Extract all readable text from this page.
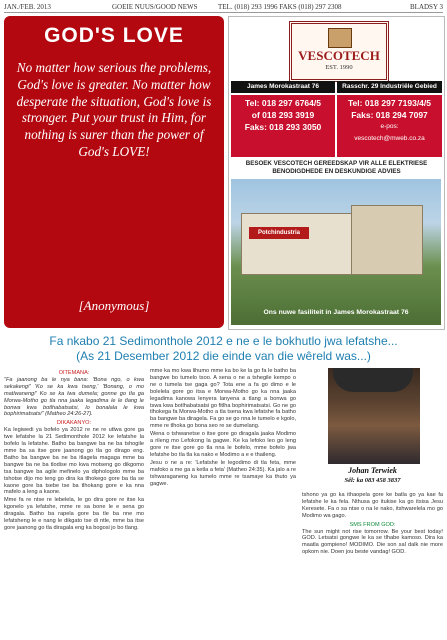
JAN./FEB. 2013	GOEIE NUUS/GOOD NEWS	TEL. (018) 293 1996 FAKS (018) 297 2308	BLADSY 3
GOD'S LOVE
No matter how serious the problems, God's love is greater. No matter how desperate the situation, God's love is stronger. Put your trust in Him, for nothing is surer than the power of God's LOVE!
[Anonymous]
VESCOTECH
EST. 1990
James Morokastraat 76	Rasschr. 29 Industriële Gebied
Tel: 018 297 6764/5
of 018 293 3919
Faks: 018 293 3050
Tel: 018 297 7193/4/5
Faks: 018 294 7097
e-pos:
vescotech@mweb.co.za
BESOEK VESCOTECH GEREEDSKAP VIR ALLE ELEKTRIESE
BENODIGDHEDE EN DESKUNDIGE ADVIES
Potchindustria
Ons nuwe fasiliteit in James Morokastraat 76
Fa nkabo 21 Sedimonthole 2012 e ne e le bokhutlo jwa lefatshe...
(As 21 Desember 2012 die einde van die wêreld was...)

OITEMANA:

"Fa jaanong ba le nya bana: 'Bona ngo, o kwa sekakeng!' 'Ko se ka kwa tseng,' 'Bonang, o mo matlwaneng!' Ko se ka lwa dumela; gonne go tla ga Morwa-Motho go tla nna jaaka legadima le le tlang le bonwa kwa botlhabatsatsi, lo bonalala le kwa bophirimatsatsi" (Matheo 24:26-27).

DIKAKANYO:

Ka legiwedi ya bofelo ya 2012 re ne re utlwa gore ga twe lefatshe la 21 Sedimonthole 2012 ke lefatshe la bofelo la lefatshe. Batho ba bangwe ba ne ba tshogile mme ba sa itse gore jaanong go tla go dirago eng. Batho ba bangwe ba ne ba itlagela magaga mme ba bangwe ba ne ba tlodise mo kwa motseng go dikgomo tsa bangwe ba agile mefinelo ya diphologolo mme ba tshotse dijo mo teng go dira ka tlhokego gore ba tla se kaone gore ba tsebe tse ba tlhokang gore e ka nna mafelo a leng a kaone.

Mme fa re ntse re lebelela, le go dira gore re itse ka kgonelo ya lefatshe, mme re sa bone le e sena go diragala. Batho ba rapela gore ba tle ba nne mo lefatsheng le e nang le dikgato tse di ntle, mme ba itse gore jaanong go tla diragala eng ka bogosi jo bo tlang.

mme ka mo kwa lihumo mme ka bo ke la go fa le batho ba bangwe bo tumelo tsoo. A sena o ne a tshegile kempo o ne o tumela tse gaga go? Tota ene a fa go dimo e le bolelela gore go itsa e Morwa-Motho go ka nna jaaka legadima kanowa lenyera lanyena a tlang a bonwa go tswa kwa botlhabatsatsi go fitlha bophirimatsatsi. Go ne go tlhokega fa Morwa-Motho a tla tsena kwa lefatshe fa batho ba bangwe ba diragela. Fa go se go nna le tumelo e kgolo, mme re tlhoka go bona seo re se dumelang.

Wena o tshwanetse o itse gore go diragala jaaka Modimo a rileng mo Lefokong la gagwe. Ke ka lefoko leo go leng gore re itse gore go tla nna le bofelo, mme bofelo jwa lefatshe bo tla tla ka nako e Modimo a e e thaileng.

Jesu o ne a re: 'Lefatshe le legodimo di tla feta, mme mafoko a me ga a ketla a feta' (Matheo 24:35). Ka jalo a re tshwaraganeng ka tumelo mme re tsamaye ka thuto ya gagwe.

Johan Terwiek
Sêl: ka 083 458 3837

tshono ya go ka ithaopela gore ke batla go ya kae fa lefatshe le ka fela. Nthusa go itukise ka go itsisa Jesu Keresete. Fa o sa ntse o na le nako, itshwarelela mo go Modimo wa gago.

SMS FROM GOD:

The sun might not rise tomorrow. Be your best today! GOD. Letsatsi gongwe le ka se tlhabe kamoso. Dira ka maatla gompieno! MODIMO. Die son sal dalk nie more opkom nie. Doen jou beste vandag! GOD.
